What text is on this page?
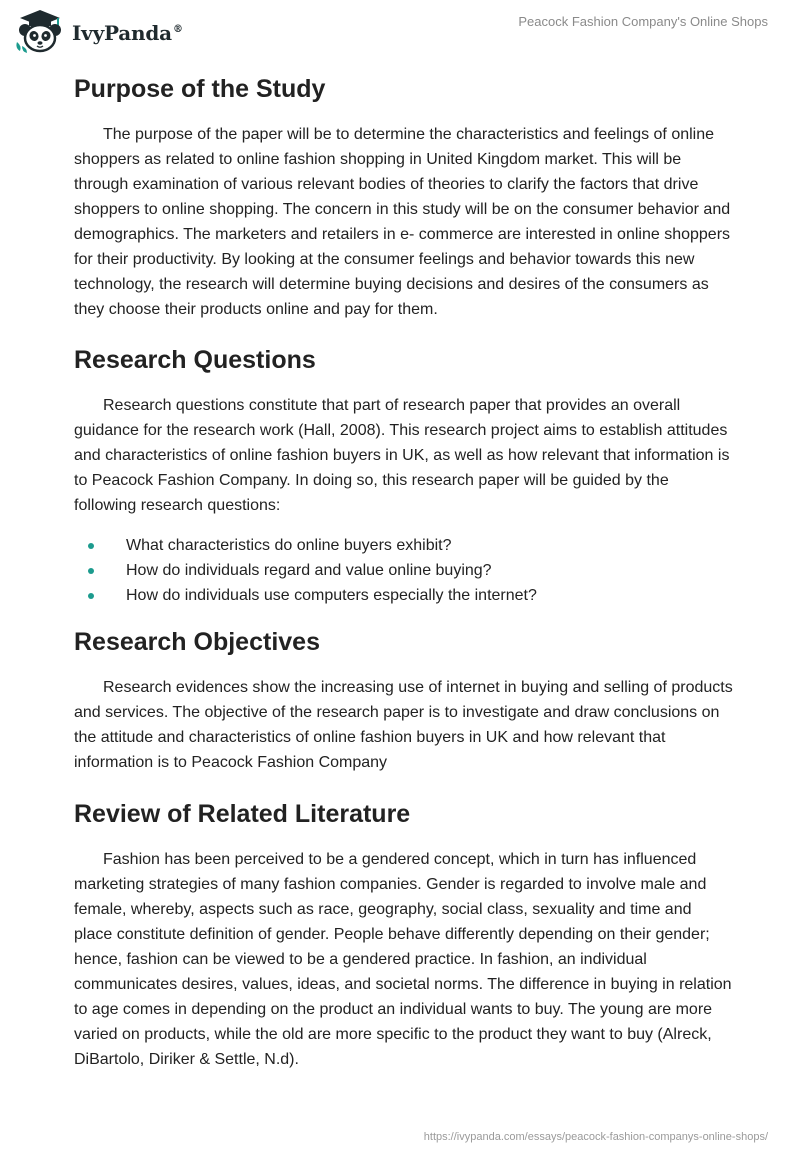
IvyPanda®
Peacock Fashion Company's Online Shops
Purpose of the Study

The purpose of the paper will be to determine the characteristics and feelings of online shoppers as related to online fashion shopping in United Kingdom market. This will be through examination of various relevant bodies of theories to clarify the factors that drive shoppers to online shopping. The concern in this study will be on the consumer behavior and demographics. The marketers and retailers in e- commerce are interested in online shoppers for their productivity. By looking at the consumer feelings and behavior towards this new technology, the research will determine buying decisions and desires of the consumers as they choose their products online and pay for them.

Research Questions

Research questions constitute that part of research paper that provides an overall guidance for the research work (Hall, 2008). This research project aims to establish attitudes and characteristics of online fashion buyers in UK, as well as how relevant that information is to Peacock Fashion Company. In doing so, this research paper will be guided by the following research questions:

What characteristics do online buyers exhibit?
How do individuals regard and value online buying?
How do individuals use computers especially the internet?
Research Objectives

Research evidences show the increasing use of internet in buying and selling of products and services. The objective of the research paper is to investigate and draw conclusions on the attitude and characteristics of online fashion buyers in UK and how relevant that information is to Peacock Fashion Company

Review of Related Literature

Fashion has been perceived to be a gendered concept, which in turn has influenced marketing strategies of many fashion companies. Gender is regarded to involve male and female, whereby, aspects such as race, geography, social class, sexuality and time and place constitute definition of gender. People behave differently depending on their gender; hence, fashion can be viewed to be a gendered practice. In fashion, an individual communicates desires, values, ideas, and societal norms. The difference in buying in relation to age comes in depending on the product an individual wants to buy. The young are more varied on products, while the old are more specific to the product they want to buy (Alreck, DiBartolo, Diriker & Settle, N.d).

https://ivypanda.com/essays/peacock-fashion-companys-online-shops/
